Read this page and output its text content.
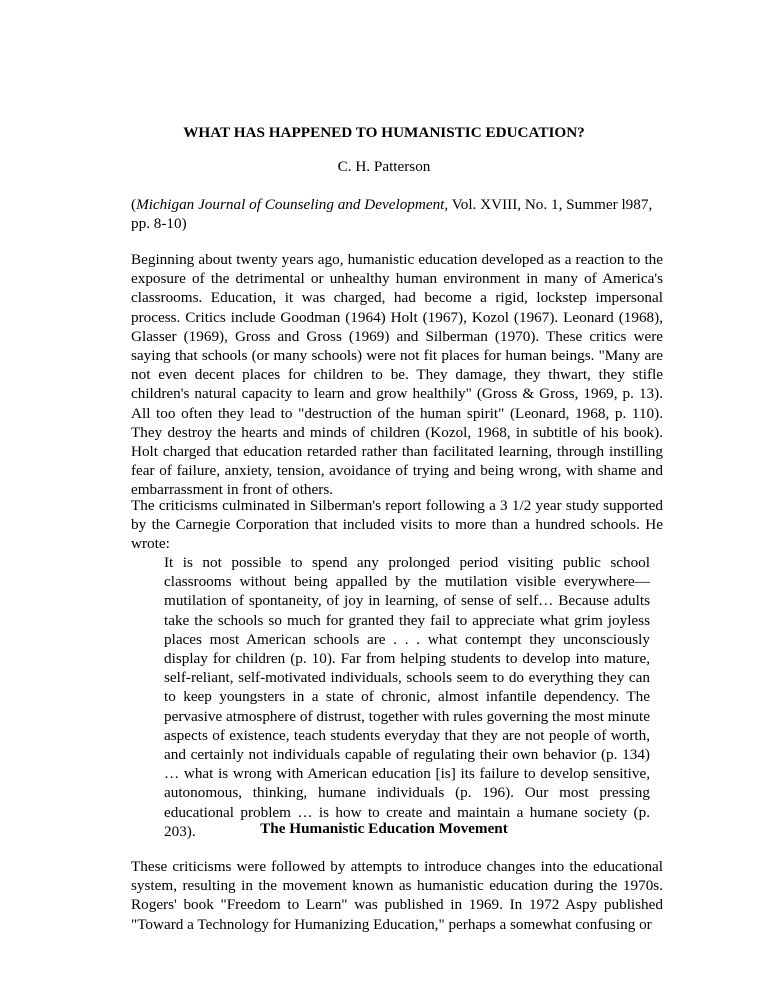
WHAT HAS HAPPENED TO HUMANISTIC EDUCATION?

C. H. Patterson

(Michigan Journal of Counseling and Development, Vol. XVIII, No. 1, Summer l987, pp. 8-10)

Beginning about twenty years ago, humanistic education developed as a reaction to the exposure of the detrimental or unhealthy human environment in many of America's classrooms. Education, it was charged, had become a rigid, lockstep impersonal process. Critics include Goodman (1964) Holt (1967), Kozol (1967). Leonard (1968), Glasser (1969), Gross and Gross (1969) and Silberman (1970). These critics were saying that schools (or many schools) were not fit places for human beings. "Many are not even decent places for children to be. They damage, they thwart, they stifle children's natural capacity to learn and grow healthily" (Gross & Gross, 1969, p. 13). All too often they lead to "destruction of the human spirit" (Leonard, 1968, p. 110). They destroy the hearts and minds of children (Kozol, 1968, in subtitle of his book). Holt charged that education retarded rather than facilitated learning, through instilling fear of failure, anxiety, tension, avoidance of trying and being wrong, with shame and embarrassment in front of others.

The criticisms culminated in Silberman's report following a 3 1/2 year study supported by the Carnegie Corporation that included visits to more than a hundred schools. He wrote:

It is not possible to spend any prolonged period visiting public school classrooms without being appalled by the mutilation visible everywhere—mutilation of spontaneity, of joy in learning, of sense of self… Because adults take the schools so much for granted they fail to appreciate what grim joyless places most American schools are . . . what contempt they unconsciously display for children (p. 10). Far from helping students to develop into mature, self-reliant, self-motivated individuals, schools seem to do everything they can to keep youngsters in a state of chronic, almost infantile dependency. The pervasive atmosphere of distrust, together with rules governing the most minute aspects of existence, teach students everyday that they are not people of worth, and certainly not individuals capable of regulating their own behavior (p. 134) … what is wrong with American education [is] its failure to develop sensitive, autonomous, thinking, humane individuals (p. 196). Our most pressing educational problem … is how to create and maintain a humane society (p. 203).	The Humanistic Education Movement

These criticisms were followed by attempts to introduce changes into the educational system, resulting in the movement known as humanistic education during the 1970s. Rogers' book "Freedom to Learn" was published in 1969. In 1972 Aspy published "Toward a Technology for Humanizing Education," perhaps a somewhat confusing or
